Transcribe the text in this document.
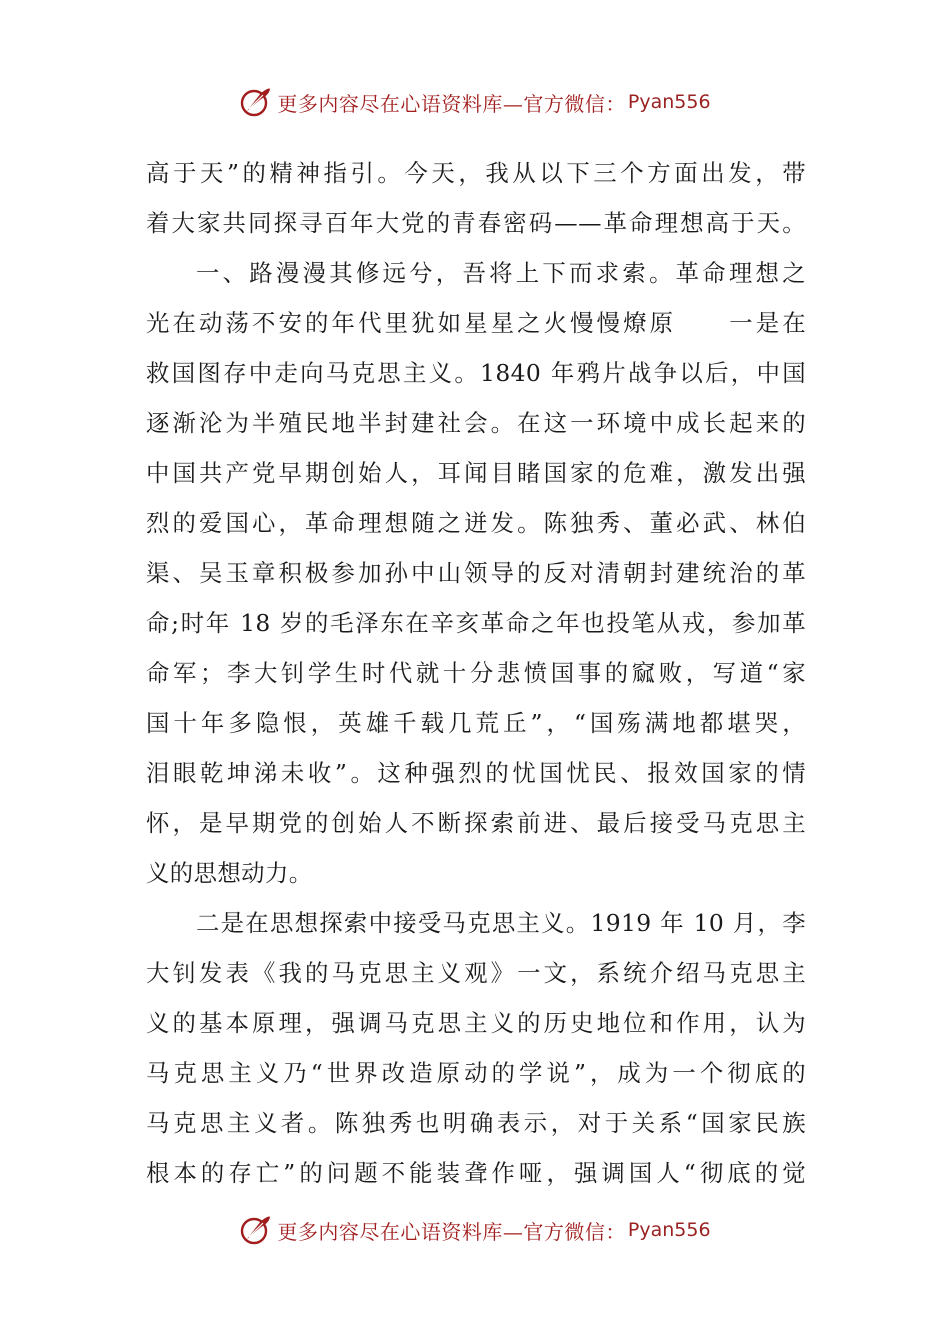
更多内容尽在心语资料库—官方微信： Pyan556
高于天”的精神指引。今天，我从以下三个方面出发，带
着大家共同探寻百年大党的青春密码——革命理想高于天。
一、路漫漫其修远兮，吾将上下而求索。革命理想之
光在动荡不安的年代里犹如星星之火慢慢燎原　　一是在
救国图存中走向马克思主义。1840 年鸦片战争以后，中国
逐渐沦为半殖民地半封建社会。在这一环境中成长起来的
中国共产党早期创始人，耳闻目睹国家的危难，激发出强
烈的爱国心，革命理想随之迸发。陈独秀、董必武、林伯
渠、吴玉章积极参加孙中山领导的反对清朝封建统治的革
命;时年 18 岁的毛泽东在辛亥革命之年也投笔从戎，参加革
命军；李大钊学生时代就十分悲愤国事的窳败，写道“家
国十年多隐恨，英雄千载几荒丘”，“国殇满地都堪哭，
泪眼乾坤涕未收”。这种强烈的忧国忧民、报效国家的情
怀，是早期党的创始人不断探索前进、最后接受马克思主
义的思想动力。
二是在思想探索中接受马克思主义。1919 年 10 月，李
大钊发表《我的马克思主义观》一文，系统介绍马克思主
义的基本原理，强调马克思主义的历史地位和作用，认为
马克思主义乃“世界改造原动的学说”，成为一个彻底的
马克思主义者。陈独秀也明确表示，对于关系“国家民族
根本的存亡”的问题不能装聋作哑，强调国人“彻底的觉
更多内容尽在心语资料库—官方微信： Pyan556
